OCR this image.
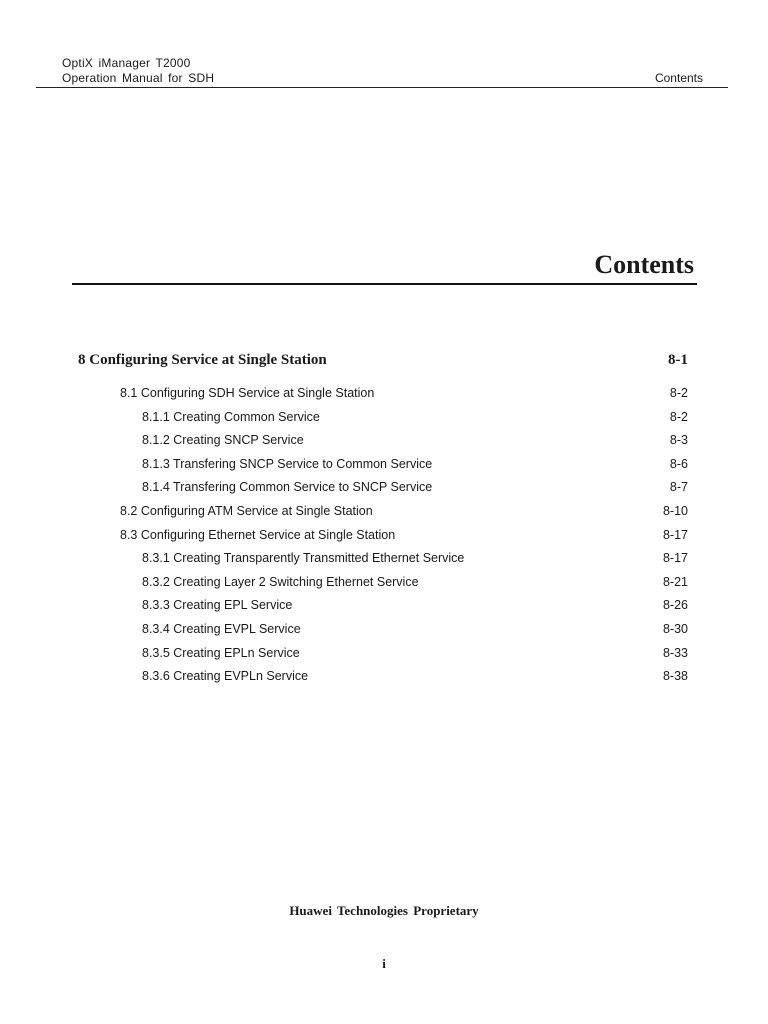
OptiX iManager T2000
Operation Manual for SDH	Contents
Contents
8 Configuring Service at Single Station	8-1
8.1 Configuring SDH Service at Single Station	8-2
8.1.1 Creating Common Service	8-2
8.1.2 Creating SNCP Service	8-3
8.1.3 Transfering SNCP Service to Common Service	8-6
8.1.4 Transfering Common Service to SNCP Service	8-7
8.2 Configuring ATM Service at Single Station	8-10
8.3 Configuring Ethernet Service at Single Station	8-17
8.3.1 Creating Transparently Transmitted Ethernet Service	8-17
8.3.2 Creating Layer 2 Switching Ethernet Service	8-21
8.3.3 Creating EPL Service	8-26
8.3.4 Creating EVPL Service	8-30
8.3.5 Creating EPLn Service	8-33
8.3.6 Creating EVPLn Service	8-38
Huawei Technologies Proprietary
i
